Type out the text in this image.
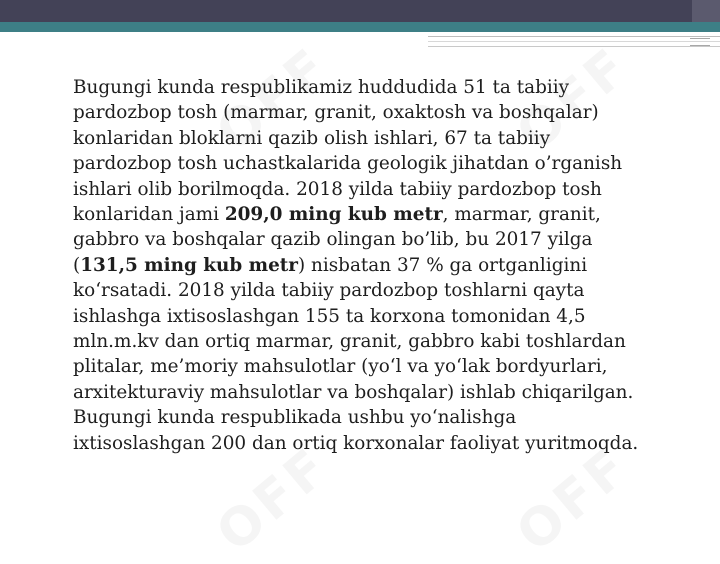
OFF	OFF
OFF	OFF

Bugungi kunda respublikamiz huddudida 51 ta tabiiy pardozbop tosh (marmar, granit, oxaktosh va boshqalar) konlaridan bloklarni qazib olish ishlari, 67 ta tabiiy pardozbop tosh uchastkalarida geologik jihatdan o’rganish ishlari olib borilmoqda. 2018 yilda tabiiy pardozbop tosh konlaridan jami 209,0 ming kub metr, marmar, granit, gabbro va boshqalar qazib olingan bo’lib, bu 2017 yilga (131,5 ming kub metr) nisbatan 37 % ga ortganligini ko‘rsatadi. 2018 yilda tabiiy pardozbop toshlarni qayta ishlashga ixtisoslashgan 155 ta korxona tomonidan 4,5 mln.m.kv dan ortiq marmar, granit, gabbro kabi toshlardan plitalar, me’moriy mahsulotlar (yo‘l va yo‘lak bordyurlari, arxitekturaviy mahsulotlar va boshqalar) ishlab chiqarilgan. Bugungi kunda respublikada ushbu yo‘nalishga ixtisoslashgan 200 dan ortiq korxonalar faoliyat yuritmoqda.
